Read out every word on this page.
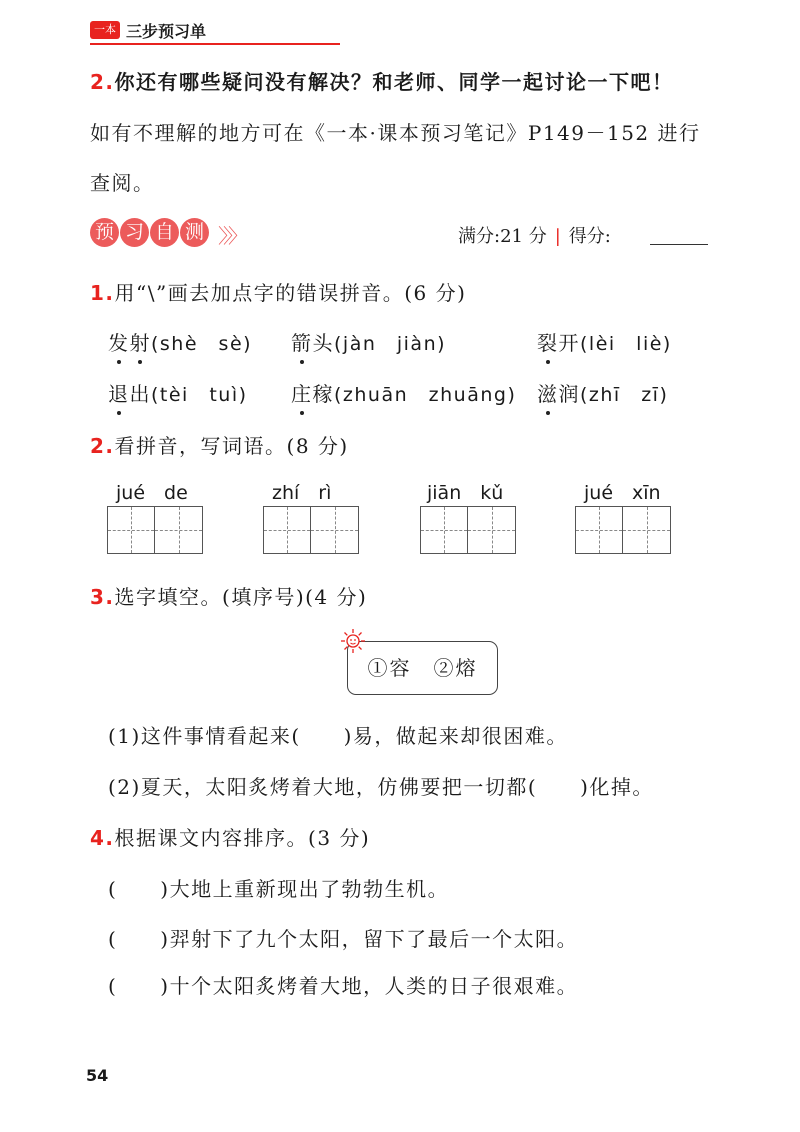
一本 三步预习单
2.你还有哪些疑问没有解决？和老师、同学一起讨论一下吧！
如有不理解的地方可在《一本·课本预习笔记》P149－152 进行
查阅。
预 习 自 测 〉〉〉	满分:21 分 | 得分:
1.用“\”画去加点字的错误拼音。(6 分)
发射(shè　sè) 箭头(jàn　jiàn)	裂开(lèi　liè)
退出(tèi　tuì) 庄稼(zhuān　zhuāng) 滋润(zhī　zī)
2.看拼音，写词语。(8 分)
jué　de	zhí　rì	jiān　kǔ	jué　xīn
3.选字填空。(填序号)(4 分)
①容　②熔
(1)这件事情看起来(　　)易，做起来却很困难。
(2)夏天，太阳炙烤着大地，仿佛要把一切都(　　)化掉。
4.根据课文内容排序。(3 分)
(　　)大地上重新现出了勃勃生机。
(　　)羿射下了九个太阳，留下了最后一个太阳。
(　　)十个太阳炙烤着大地，人类的日子很艰难。
54
